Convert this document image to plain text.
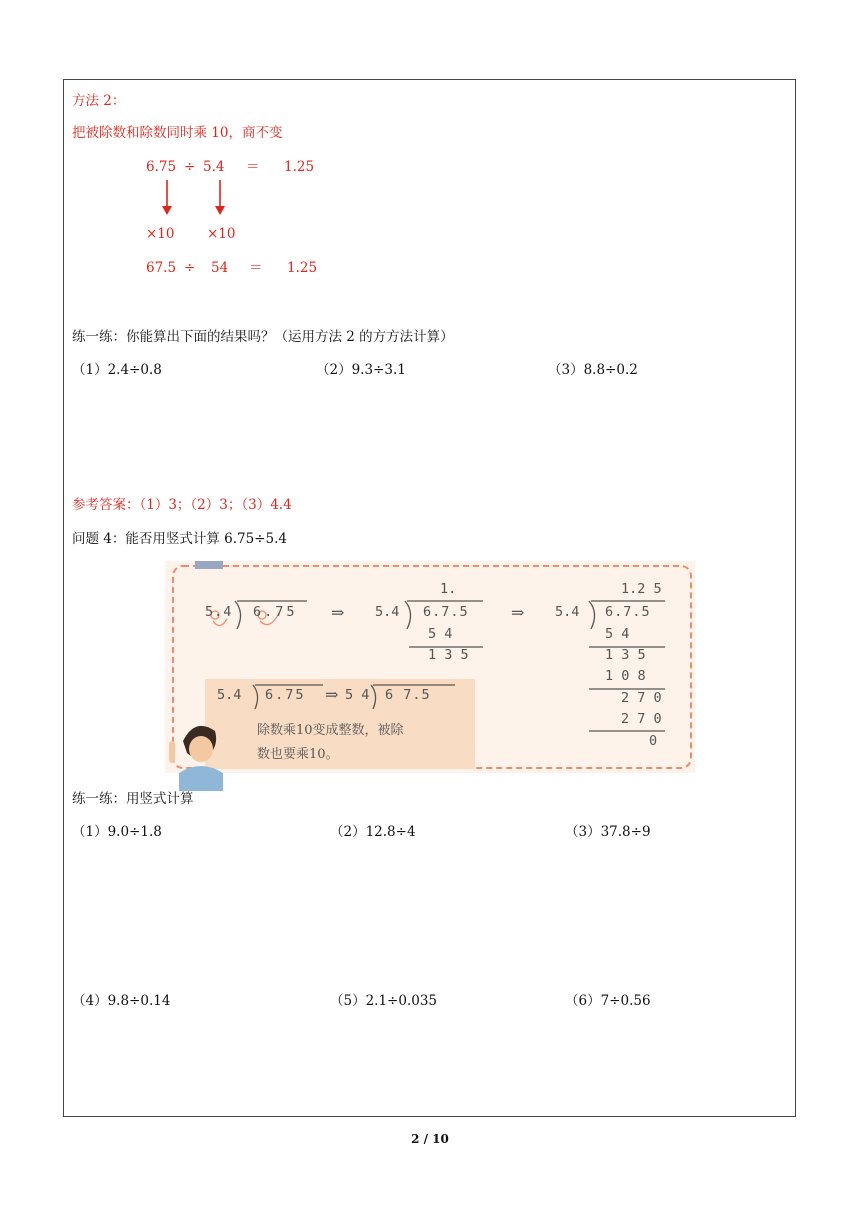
方法 2：
把被除数和除数同时乘 10，商不变
6.75 ÷ 5.4 ＝ 1.25
×10 ×10
67.5 ÷ 54 ＝ 1.25
练一练：你能算出下面的结果吗？（运用方法 2 的方方法计算）
（1）2.4÷0.8	（2）9.3÷3.1	（3）8.8÷0.2
参考答案：（1）3；（2）3；（3）4.4
问题 4：能否用竖式计算 6.75÷5.4
5.4 6.75 ⇒
1.
5.4 6.7.5
5 4
1 3 5
⇒
1.2 5
5.4 6.7.5
5 4
1 3 5
1 0 8
2 7 0
2 7 0
0
5.4 6.75 ⇒ 5 4 6 7.5
除数乘10变成整数，被除
数也要乘10。
练一练：用竖式计算
（1）9.0÷1.8	（2）12.8÷4	（3）37.8÷9
（4）9.8÷0.14	（5）2.1÷0.035	（6）7÷0.56
2 / 10
